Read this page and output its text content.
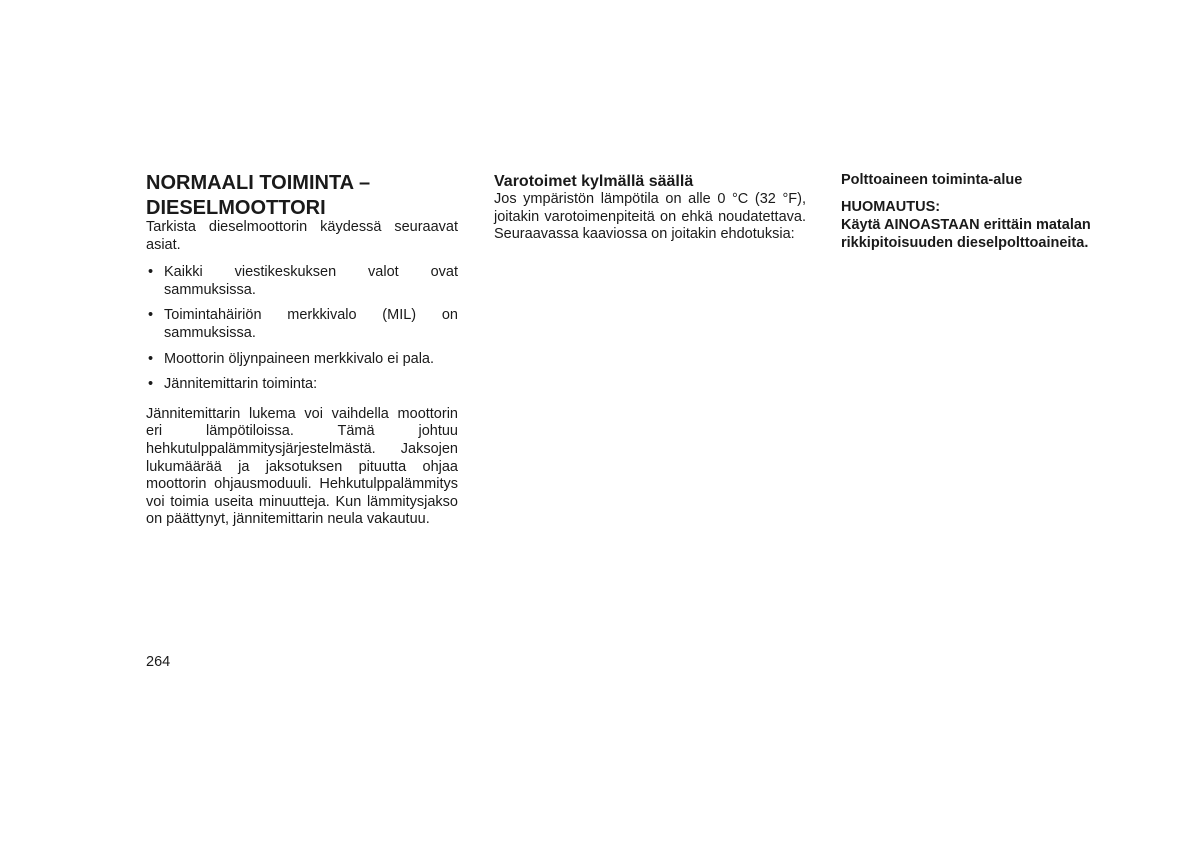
NORMAALI TOIMINTA –
DIESELMOOTTORI

Tarkista dieselmoottorin käydessä seuraavat asiat.

• Kaikki viestikeskuksen valot ovat sammuksissa.
• Toimintahäiriön merkkivalo (MIL) on sammuksissa.
• Moottorin öljynpaineen merkkivalo ei pala.
• Jännitemittarin toiminta:

Jännitemittarin lukema voi vaihdella moottorin eri lämpötiloissa. Tämä johtuu hehkutulppalämmitysjärjestelmästä. Jaksojen lukumäärää ja jaksotuksen pituutta ohjaa moottorin ohjausmoduuli. Hehkutulppalämmitys voi toimia useita minuutteja. Kun lämmitysjakso on päättynyt, jännitemittarin neula vakautuu.

Varotoimet kylmällä säällä

Jos ympäristön lämpötila on alle 0 °C (32 °F), joitakin varotoimenpiteitä on ehkä noudatettava. Seuraavassa kaaviossa on joitakin ehdotuksia:

Polttoaineen toiminta-alue

HUOMAUTUS:

Käytä AINOASTAAN erittäin matalan rikkipitoisuuden dieselpolttoaineita.

264
